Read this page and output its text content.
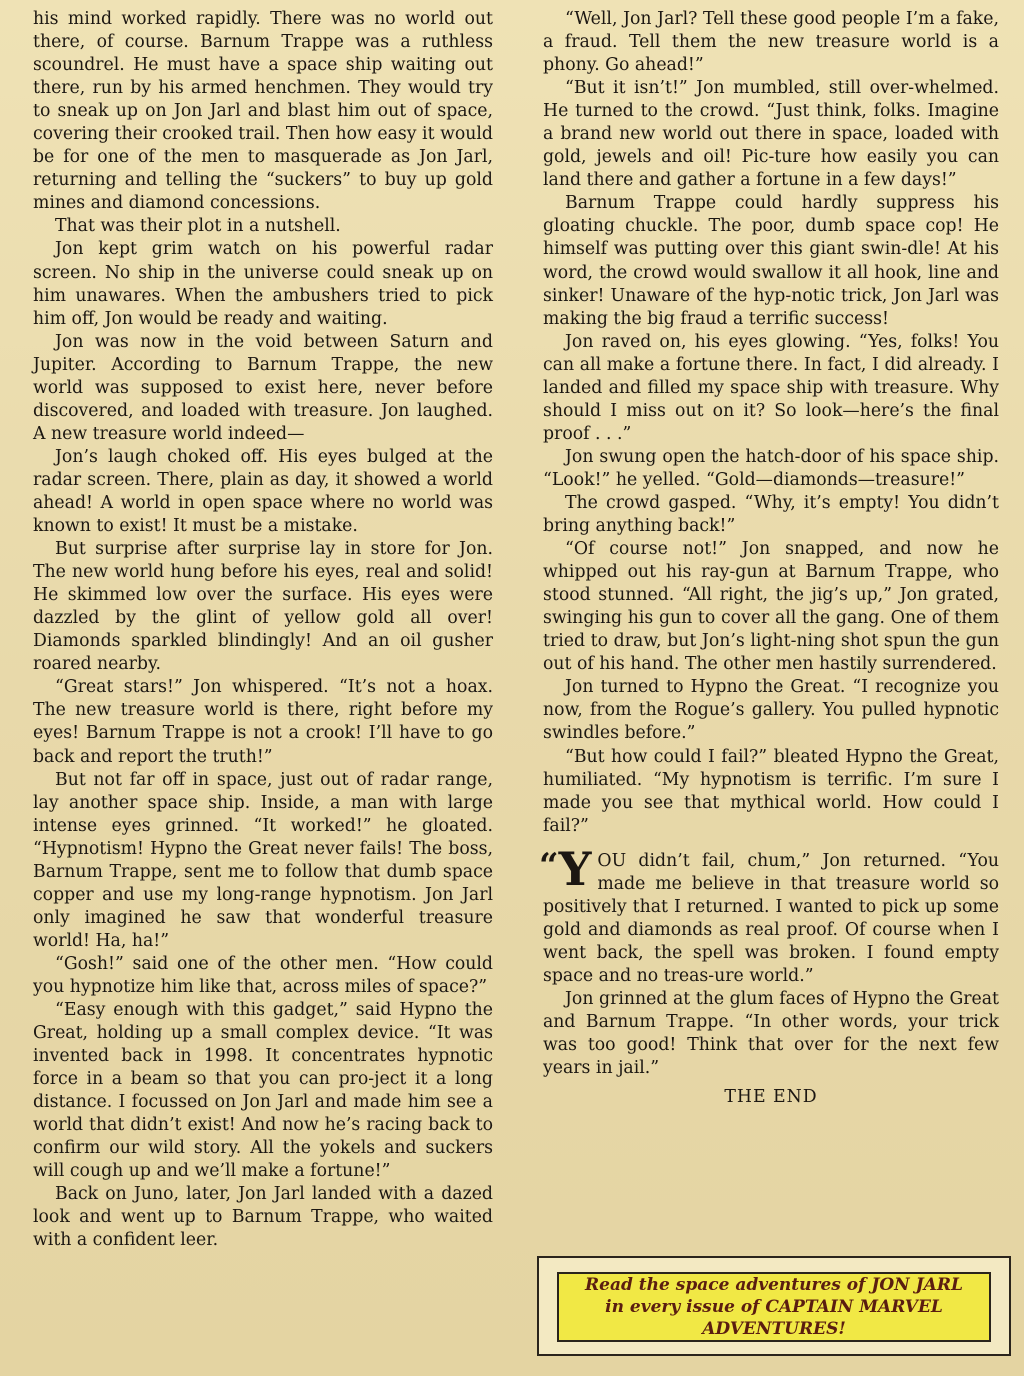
his mind worked rapidly. There was no world out there, of course. Barnum Trappe was a ruthless scoundrel. He must have a space ship waiting out there, run by his armed henchmen. They would try to sneak up on Jon Jarl and blast him out of space, covering their crooked trail. Then how easy it would be for one of the men to masquerade as Jon Jarl, returning and telling the “suckers” to buy up gold mines and diamond concessions.

That was their plot in a nutshell.

Jon kept grim watch on his powerful radar screen. No ship in the universe could sneak up on him unawares. When the ambushers tried to pick him off, Jon would be ready and waiting.

Jon was now in the void between Saturn and Jupiter. According to Barnum Trappe, the new world was supposed to exist here, never before discovered, and loaded with treasure. Jon laughed. A new treasure world indeed—

Jon’s laugh choked off. His eyes bulged at the radar screen. There, plain as day, it showed a world ahead! A world in open space where no world was known to exist! It must be a mistake.

But surprise after surprise lay in store for Jon. The new world hung before his eyes, real and solid! He skimmed low over the surface. His eyes were dazzled by the glint of yellow gold all over! Diamonds sparkled blindingly! And an oil gusher roared nearby.

“Great stars!” Jon whispered. “It’s not a hoax. The new treasure world is there, right before my eyes! Barnum Trappe is not a crook! I’ll have to go back and report the truth!”

But not far off in space, just out of radar range, lay another space ship. Inside, a man with large intense eyes grinned. “It worked!” he gloated. “Hypnotism! Hypno the Great never fails! The boss, Barnum Trappe, sent me to follow that dumb space copper and use my long-range hypnotism. Jon Jarl only imagined he saw that wonderful treasure world! Ha, ha!”

“Gosh!” said one of the other men. “How could you hypnotize him like that, across miles of space?”

“Easy enough with this gadget,” said Hypno the Great, holding up a small complex device. “It was invented back in 1998. It concentrates hypnotic force in a beam so that you can pro-ject it a long distance. I focussed on Jon Jarl and made him see a world that didn’t exist! And now he’s racing back to confirm our wild story. All the yokels and suckers will cough up and we’ll make a fortune!”

Back on Juno, later, Jon Jarl landed with a dazed look and went up to Barnum Trappe, who waited with a confident leer.

“Well, Jon Jarl? Tell these good people I’m a fake, a fraud. Tell them the new treasure world is a phony. Go ahead!”

“But it isn’t!” Jon mumbled, still over-whelmed. He turned to the crowd. “Just think, folks. Imagine a brand new world out there in space, loaded with gold, jewels and oil! Pic-ture how easily you can land there and gather a fortune in a few days!”

Barnum Trappe could hardly suppress his gloating chuckle. The poor, dumb space cop! He himself was putting over this giant swin-dle! At his word, the crowd would swallow it all hook, line and sinker! Unaware of the hyp-notic trick, Jon Jarl was making the big fraud a terrific success!

Jon raved on, his eyes glowing. “Yes, folks! You can all make a fortune there. In fact, I did already. I landed and filled my space ship with treasure. Why should I miss out on it? So look—here’s the final proof . . .”

Jon swung open the hatch-door of his space ship. “Look!” he yelled. “Gold—diamonds—treasure!”

The crowd gasped. “Why, it’s empty! You didn’t bring anything back!”

“Of course not!” Jon snapped, and now he whipped out his ray-gun at Barnum Trappe, who stood stunned. “All right, the jig’s up,” Jon grated, swinging his gun to cover all the gang. One of them tried to draw, but Jon’s light-ning shot spun the gun out of his hand. The other men hastily surrendered.

Jon turned to Hypno the Great. “I recognize you now, from the Rogue’s gallery. You pulled hypnotic swindles before.”

“But how could I fail?” bleated Hypno the Great, humiliated. “My hypnotism is terrific. I’m sure I made you see that mythical world. How could I fail?”

“ Y OU didn’t fail, chum,” Jon returned. “You made me believe in that treasure world so positively that I returned. I wanted to pick up some gold and diamonds as real proof. Of course when I went back, the spell was broken. I found empty space and no treas-ure world.”

Jon grinned at the glum faces of Hypno the Great and Barnum Trappe. “In other words, your trick was too good! Think that over for the next few years in jail.”

THE END

Read the space adventures of JON JARL
in every issue of CAPTAIN MARVEL
ADVENTURES!
